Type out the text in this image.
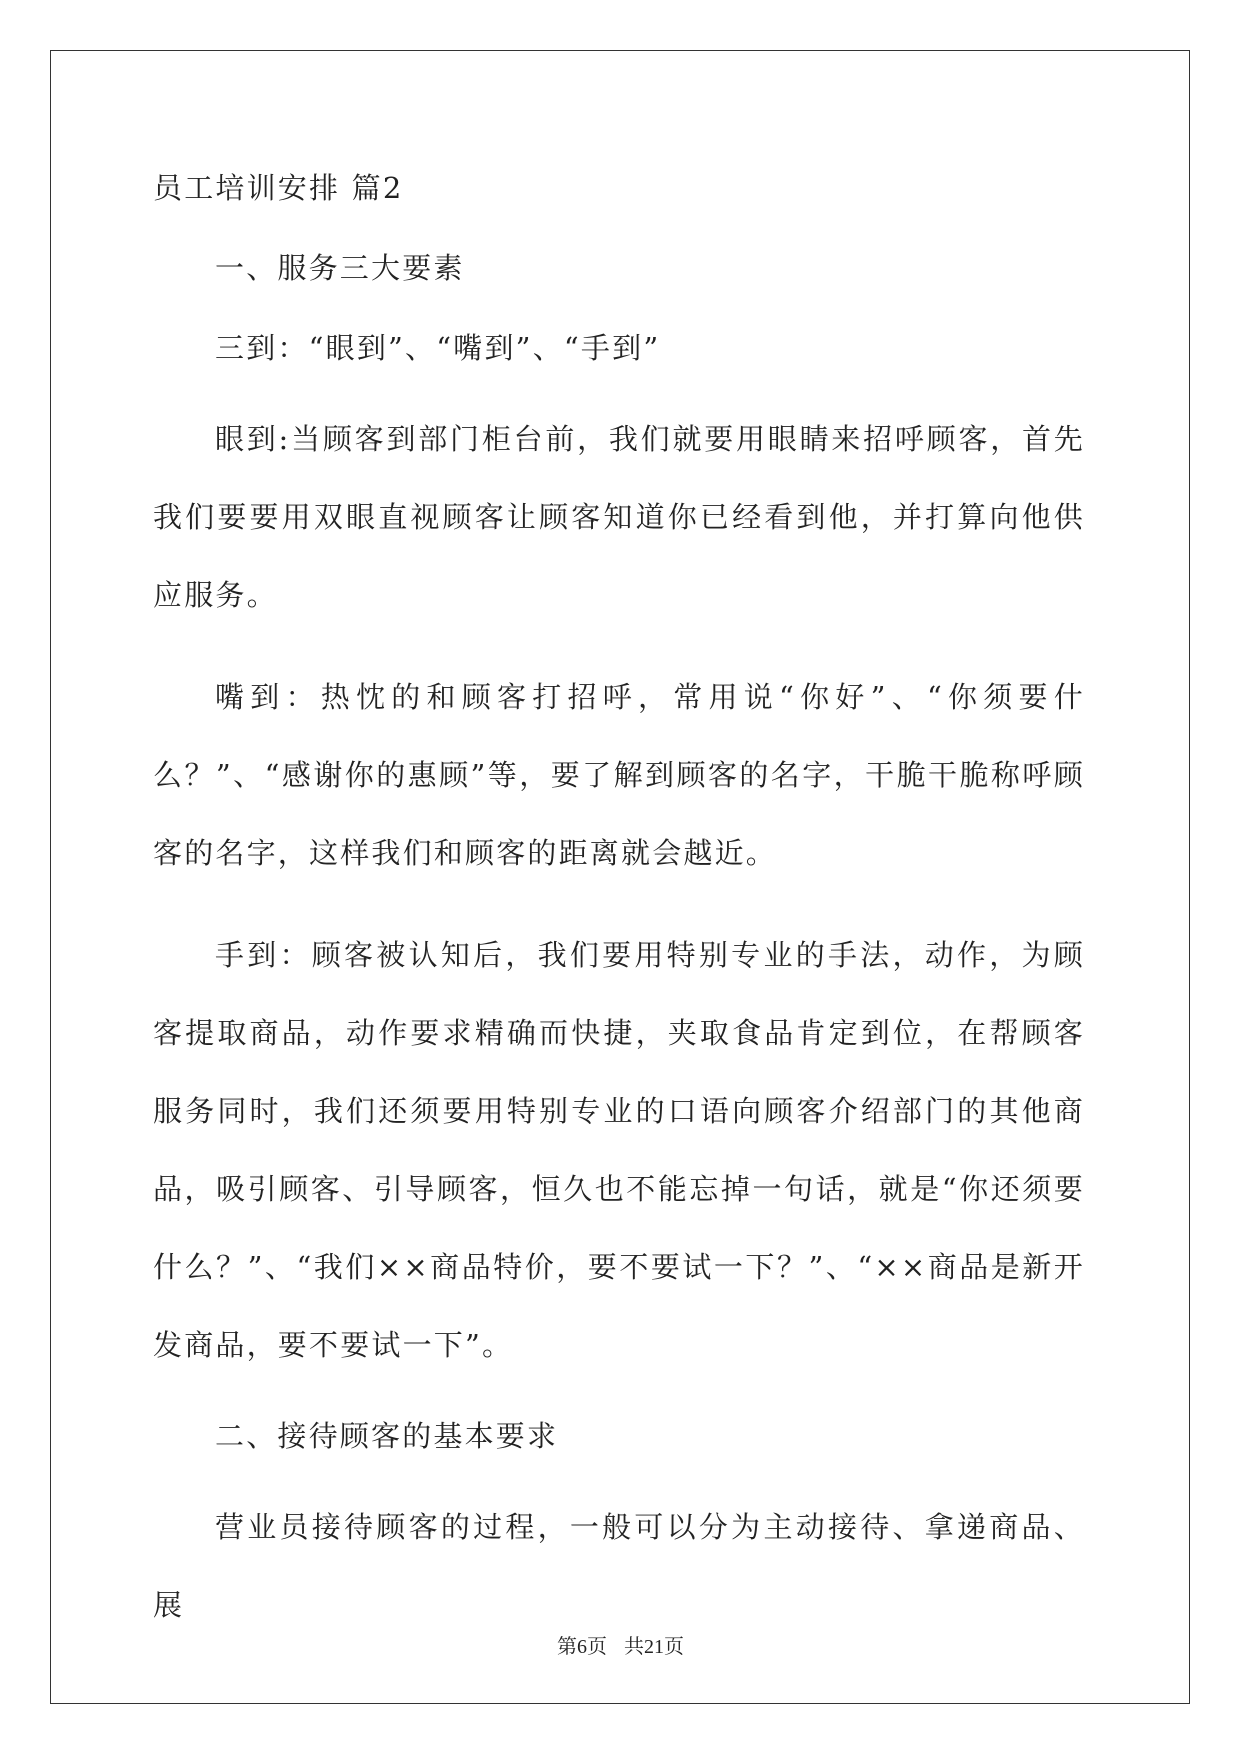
员工培训安排 篇2
一、服务三大要素
三到：“眼到”、“嘴到”、“手到”
眼到:当顾客到部门柜台前，我们就要用眼睛来招呼顾客，首先我们要要用双眼直视顾客让顾客知道你已经看到他，并打算向他供应服务。
嘴到：热忱的和顾客打招呼，常用说“你好”、“你须要什么？”、“感谢你的惠顾”等，要了解到顾客的名字，干脆干脆称呼顾客的名字，这样我们和顾客的距离就会越近。
手到：顾客被认知后，我们要用特别专业的手法，动作，为顾客提取商品，动作要求精确而快捷，夹取食品肯定到位，在帮顾客服务同时，我们还须要用特别专业的口语向顾客介绍部门的其他商品，吸引顾客、引导顾客，恒久也不能忘掉一句话，就是“你还须要什么？”、“我们××商品特价，要不要试一下？”、“××商品是新开发商品，要不要试一下”。
二、接待顾客的基本要求
营业员接待顾客的过程，一般可以分为主动接待、拿递商品、展
第6页 共21页
